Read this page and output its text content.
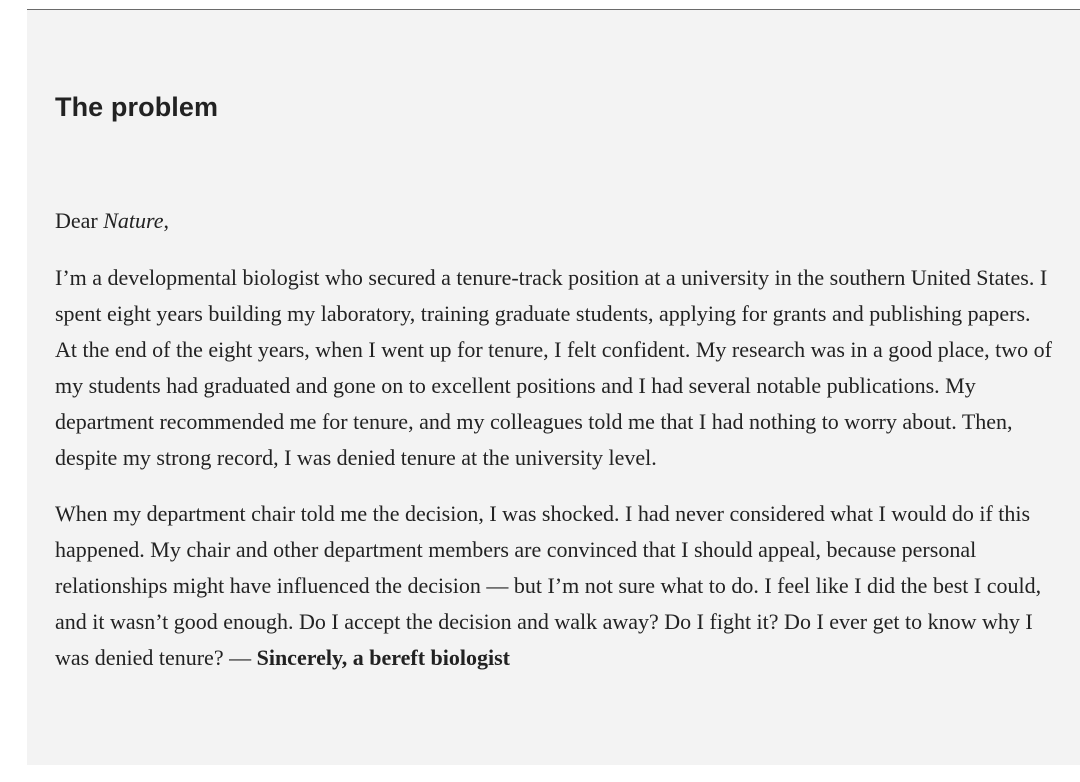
The problem

Dear Nature,

I’m a developmental biologist who secured a tenure-track position at a university in the southern United States. I spent eight years building my laboratory, training graduate students, applying for grants and publishing papers. At the end of the eight years, when I went up for tenure, I felt confident. My research was in a good place, two of my students had graduated and gone on to excellent positions and I had several notable publications. My department recommended me for tenure, and my colleagues told me that I had nothing to worry about. Then, despite my strong record, I was denied tenure at the university level.

When my department chair told me the decision, I was shocked. I had never considered what I would do if this happened. My chair and other department members are convinced that I should appeal, because personal relationships might have influenced the decision — but I’m not sure what to do. I feel like I did the best I could, and it wasn’t good enough. Do I accept the decision and walk away? Do I fight it? Do I ever get to know why I was denied tenure? — Sincerely, a bereft biologist
